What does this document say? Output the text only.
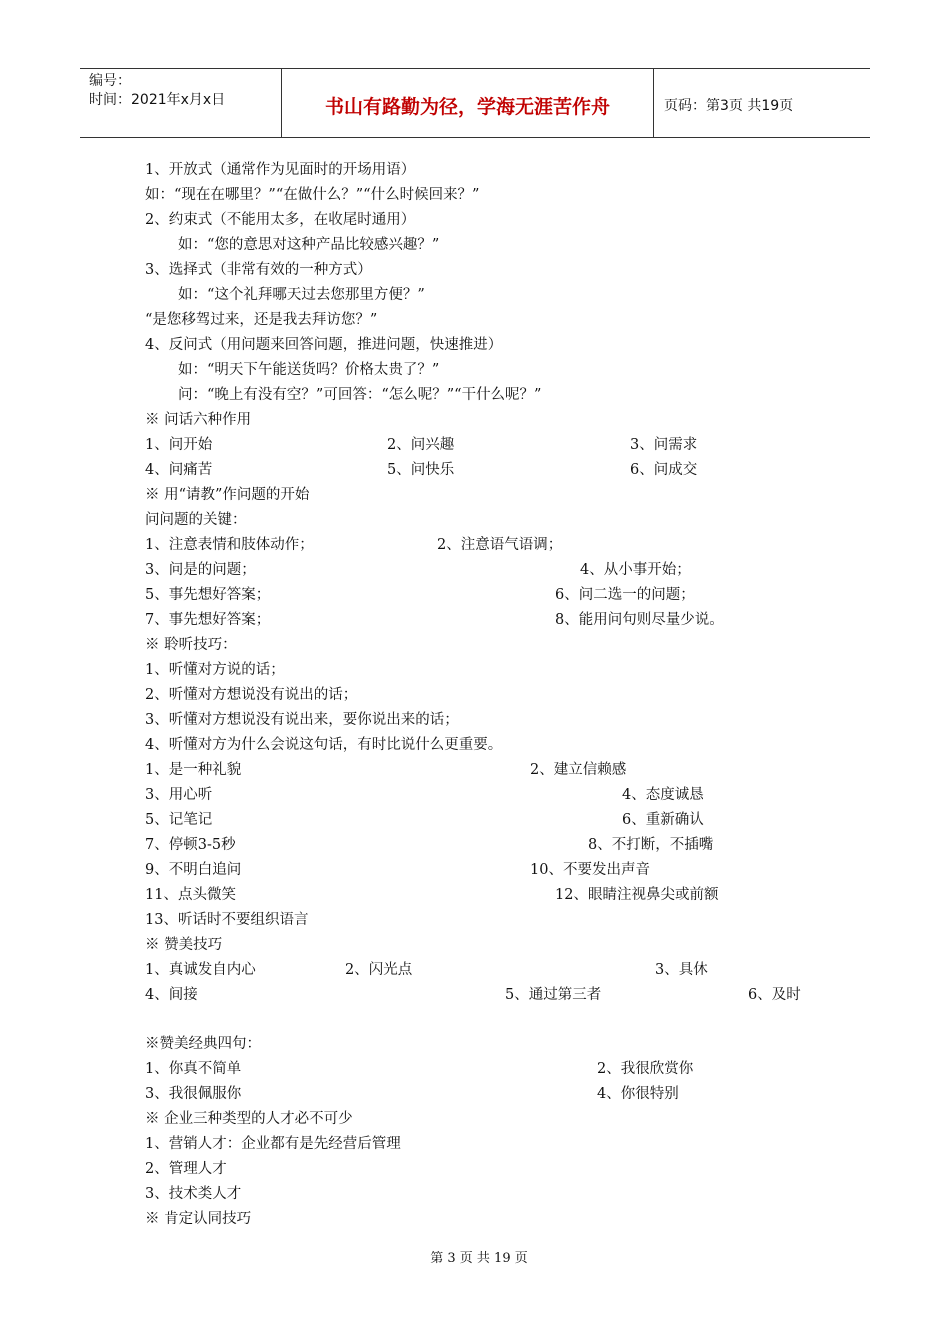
编号：
时间：2021年x月x日	书山有路勤为径，学海无涯苦作舟	页码：第3页 共19页
1、开放式（通常作为见面时的开场用语）
如：“现在在哪里？”“在做什么？”“什么时候回来？”
2、约束式（不能用太多，在收尾时通用）
如：“您的意思对这种产品比较感兴趣？”
3、选择式（非常有效的一种方式）
如：“这个礼拜哪天过去您那里方便？”
“是您移驾过来，还是我去拜访您？”
4、反问式（用问题来回答问题，推进问题，快速推进）
如：“明天下午能送货吗？价格太贵了？”
问：“晚上有没有空？”可回答：“怎么呢？”“干什么呢？”
※ 问话六种作用
1、问开始	2、问兴趣	3、问需求
4、问痛苦	5、问快乐	6、问成交
※ 用“请教”作问题的开始
问问题的关键：
1、注意表情和肢体动作；	2、注意语气语调；
3、问是的问题；	4、从小事开始；
5、事先想好答案；	6、问二选一的问题；
7、事先想好答案；	8、能用问句则尽量少说。
※ 聆听技巧：
1、听懂对方说的话；
2、听懂对方想说没有说出的话；
3、听懂对方想说没有说出来，要你说出来的话；
4、听懂对方为什么会说这句话，有时比说什么更重要。
1、是一种礼貌	2、建立信赖感
3、用心听	4、态度诚恳
5、记笔记	6、重新确认
7、停顿3-5秒	8、不打断，不插嘴
9、不明白追问	10、不要发出声音
11、点头微笑	12、眼睛注视鼻尖或前额
13、听话时不要组织语言
※ 赞美技巧
1、真诚发自内心	2、闪光点	3、具休
4、间接	5、通过第三者	6、及时
※赞美经典四句：
1、你真不简单	2、我很欣赏你
3、我很佩服你	4、你很特别
※ 企业三种类型的人才必不可少
1、营销人才：企业都有是先经营后管理
2、管理人才
3、技术类人才
※ 肯定认同技巧
第 3 页 共 19 页
